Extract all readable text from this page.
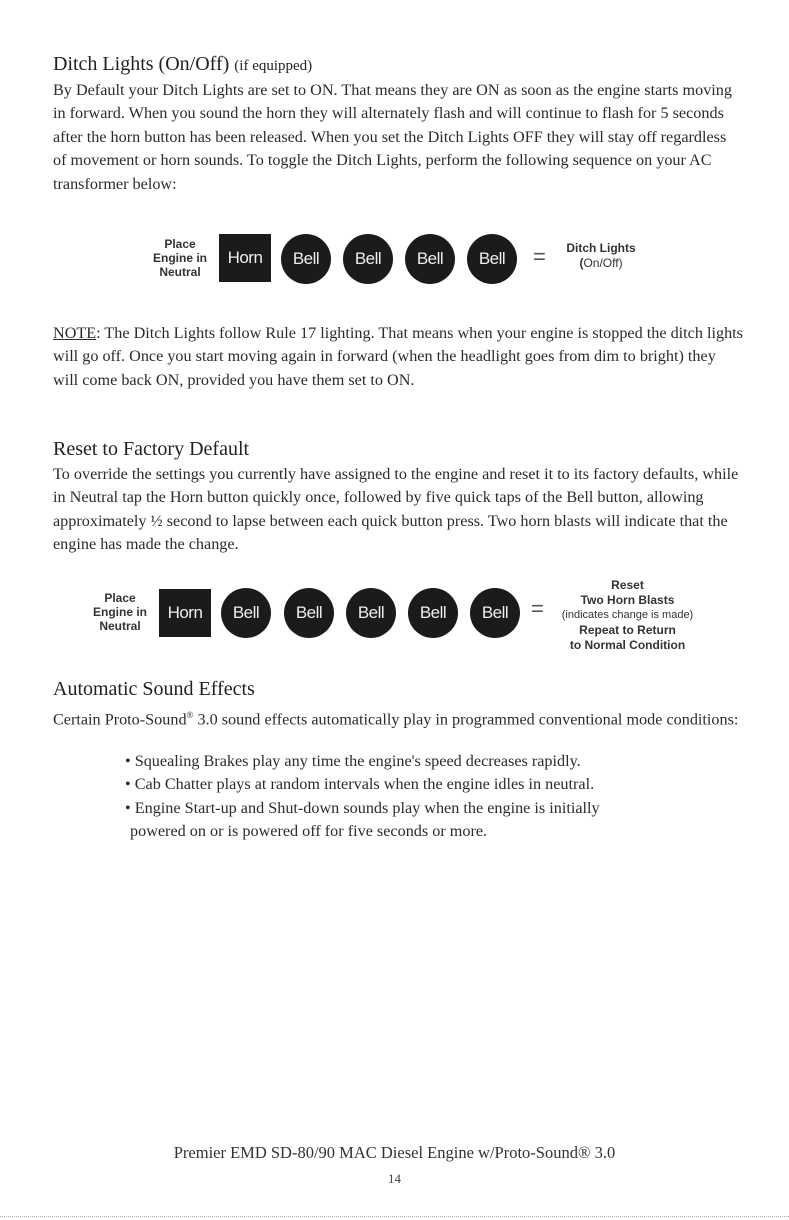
Ditch Lights (On/Off) (if equipped)

By Default your Ditch Lights are set to ON. That means they are ON as soon as the engine starts moving in forward. When you sound the horn they will alternately flash and will continue to flash for 5 seconds after the horn button has been released. When you set the Ditch Lights OFF they will stay off regardless of movement or horn sounds. To toggle the Ditch Lights, perform the following sequence on your AC transformer below:

Place
Engine in
Neutral
Horn	Bell	Bell	Bell	Bell	=	Ditch Lights
(On/Off)

NOTE: The Ditch Lights follow Rule 17 lighting. That means when your engine is stopped the ditch lights will go off. Once you start moving again in forward (when the headlight goes from dim to bright) they will come back ON, provided you have them set to ON.

Reset to Factory Default

To override the settings you currently have assigned to the engine and reset it to its factory defaults, while in Neutral tap the Horn button quickly once, followed by five quick taps of the Bell button, allowing approximately ½ second to lapse between each quick button press. Two horn blasts will indicate that the engine has made the change.

Place
Engine in
Neutral
Horn	Bell	Bell	Bell	Bell	Bell	=
Reset
Two Horn Blasts
(indicates change is made)
Repeat to Return
to Normal Condition
Automatic Sound Effects

Certain Proto-Sound® 3.0 sound effects automatically play in programmed conventional mode conditions:

• Squealing Brakes play any time the engine's speed decreases rapidly.
• Cab Chatter plays at random intervals when the engine idles in neutral.
• Engine Start-up and Shut-down sounds play when the engine is initially
powered on or is powered off for five seconds or more.
Premier EMD SD-80/90 MAC Diesel Engine w/Proto-Sound® 3.0
14
